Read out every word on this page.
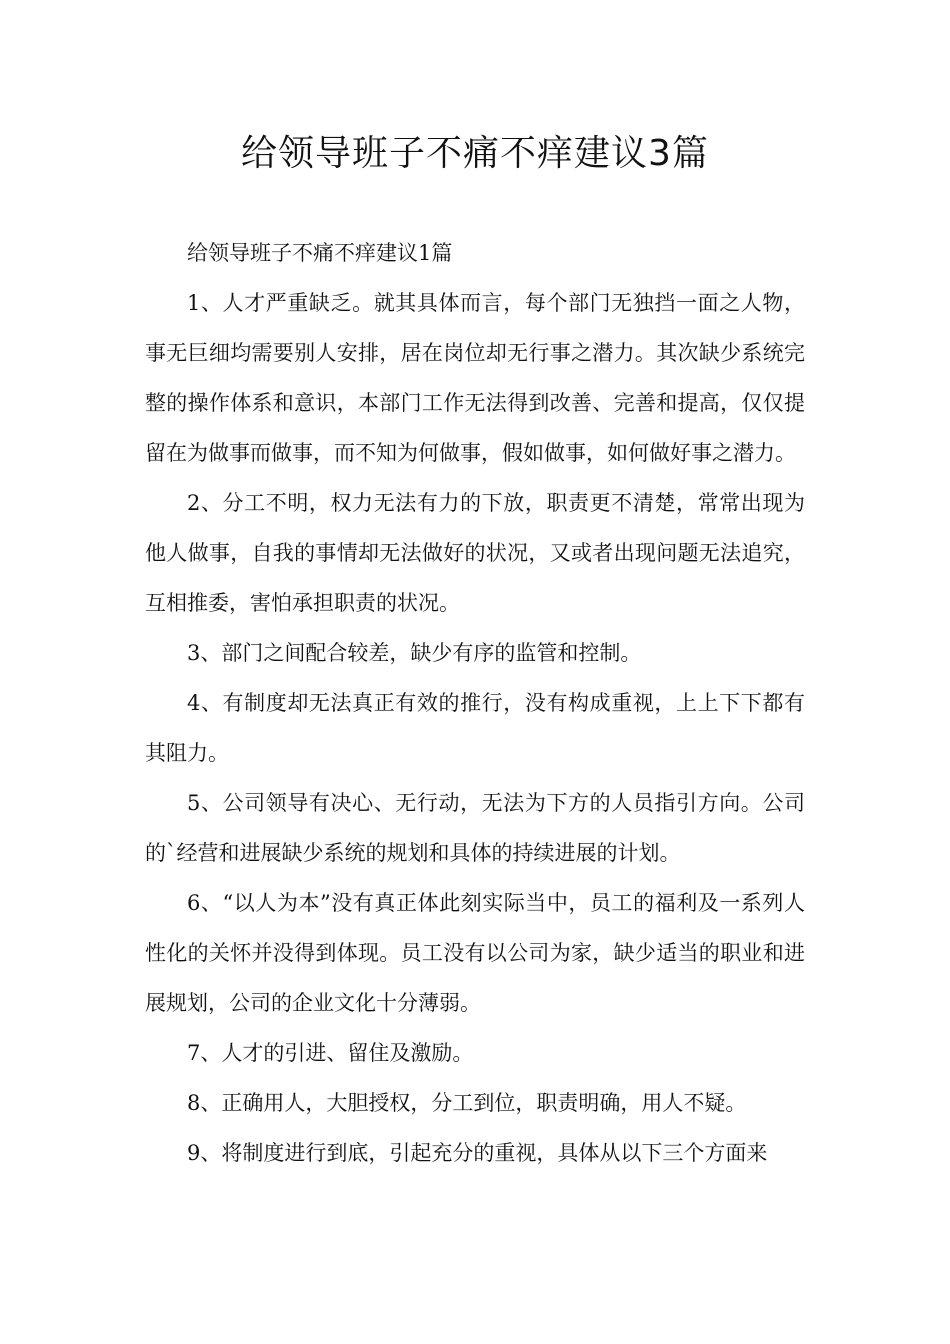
给领导班子不痛不痒建议3篇

给领导班子不痛不痒建议1篇

1、人才严重缺乏。就其具体而言，每个部门无独挡一面之人物，事无巨细均需要别人安排，居在岗位却无行事之潜力。其次缺少系统完整的操作体系和意识，本部门工作无法得到改善、完善和提高，仅仅提留在为做事而做事，而不知为何做事，假如做事，如何做好事之潜力。

2、分工不明，权力无法有力的下放，职责更不清楚，常常出现为他人做事，自我的事情却无法做好的状况，又或者出现问题无法追究，互相推委，害怕承担职责的状况。

3、部门之间配合较差，缺少有序的监管和控制。

4、有制度却无法真正有效的推行，没有构成重视，上上下下都有其阻力。

5、公司领导有决心、无行动，无法为下方的人员指引方向。公司的`经营和进展缺少系统的规划和具体的持续进展的计划。

6、“以人为本”没有真正体此刻实际当中，员工的福利及一系列人性化的关怀并没得到体现。员工没有以公司为家，缺少适当的职业和进展规划，公司的企业文化十分薄弱。

7、人才的引进、留住及激励。

8、正确用人，大胆授权，分工到位，职责明确，用人不疑。

9、将制度进行到底，引起充分的重视，具体从以下三个方面来
